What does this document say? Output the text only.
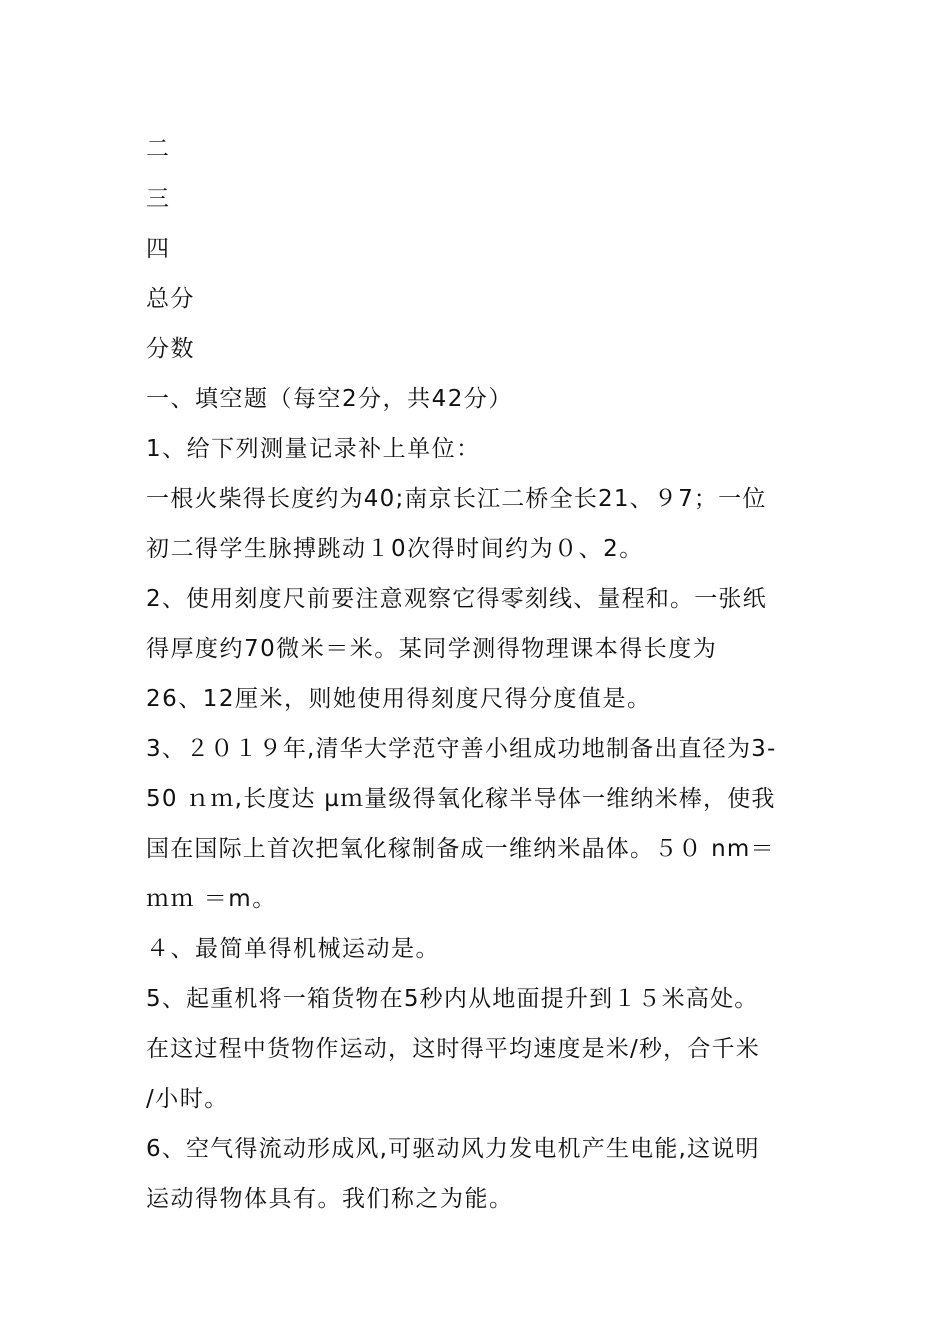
二
三
四
总分
分数
一、填空题（每空2分，共42分）
1、给下列测量记录补上单位：
一根火柴得长度约为40;南京长江二桥全长21、９7；一位
初二得学生脉搏跳动１0次得时间约为０、2。
2、使用刻度尺前要注意观察它得零刻线、量程和。一张纸
得厚度约70微米＝米。某同学测得物理课本得长度为
26、12厘米，则她使用得刻度尺得分度值是。
3、２０１９年,清华大学范守善小组成功地制备出直径为3-
50 ｎｍ,长度达 µｍ量级得氧化稼半导体一维纳米棒，使我
国在国际上首次把氧化稼制备成一维纳米晶体。５０ nm＝
ｍｍ ＝m。
４、最简单得机械运动是。
5、起重机将一箱货物在5秒内从地面提升到１５米高处。
在这过程中货物作运动，这时得平均速度是米/秒，合千米
/小时。
6、空气得流动形成风,可驱动风力发电机产生电能,这说明
运动得物体具有。我们称之为能。
